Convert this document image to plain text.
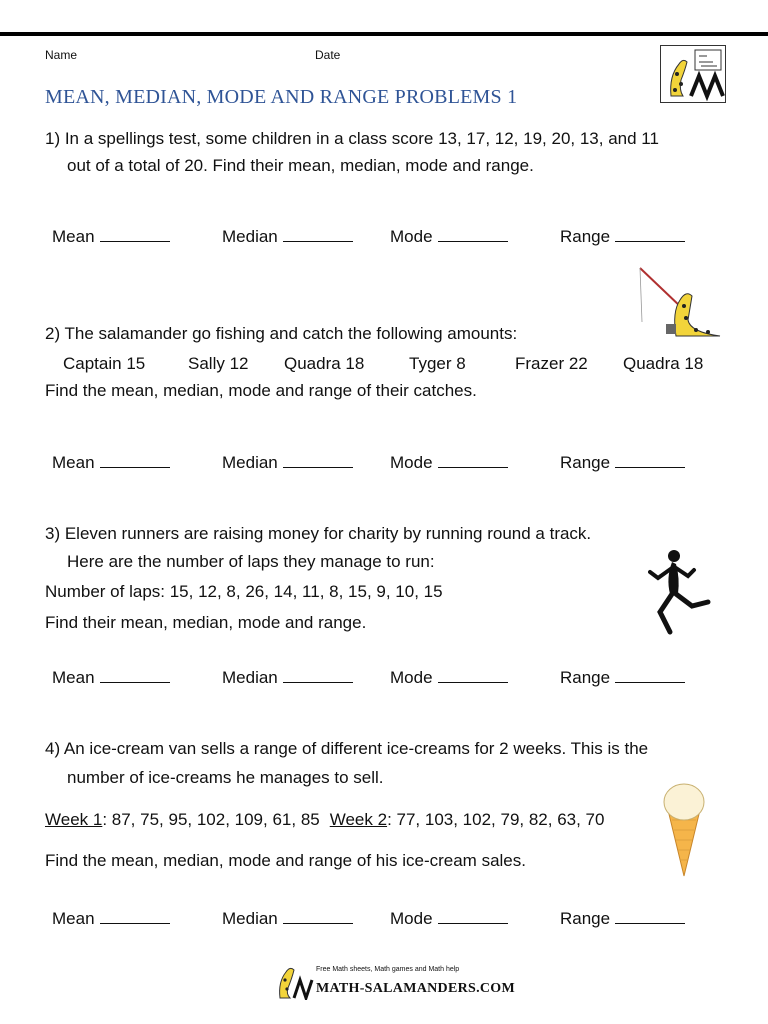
Name	Date
MEAN, MEDIAN, MODE AND RANGE PROBLEMS 1
1) In a spellings test, some children in a class score 13, 17, 12, 19, 20, 13, and 11
out of a total of 20. Find their mean, median, mode and range.
Mean	Median	Mode	Range
2) The salamander go fishing and catch the following amounts:
Captain 15	Sally 12 Quadra 18	Tyger 8	Frazer 22 Quadra 18
Find the mean, median, mode and range of their catches.
Mean	Median	Mode	Range
3) Eleven runners are raising money for charity by running round a track.
Here are the number of laps they manage to run:
Number of laps: 15, 12, 8, 26, 14, 11, 8, 15, 9, 10, 15
Find their mean, median, mode and range.
Mean	Median	Mode	Range
4) An ice-cream van sells a range of different ice-creams for 2 weeks. This is the
number of ice-creams he manages to sell.
Week 1: 87, 75, 95, 102, 109, 61, 85 Week 2: 77, 103, 102, 79, 82, 63, 70
Find the mean, median, mode and range of his ice-cream sales.
Mean	Median	Mode	Range
Free Math sheets, Math games and Math help
MATH-SALAMANDERS.COM
